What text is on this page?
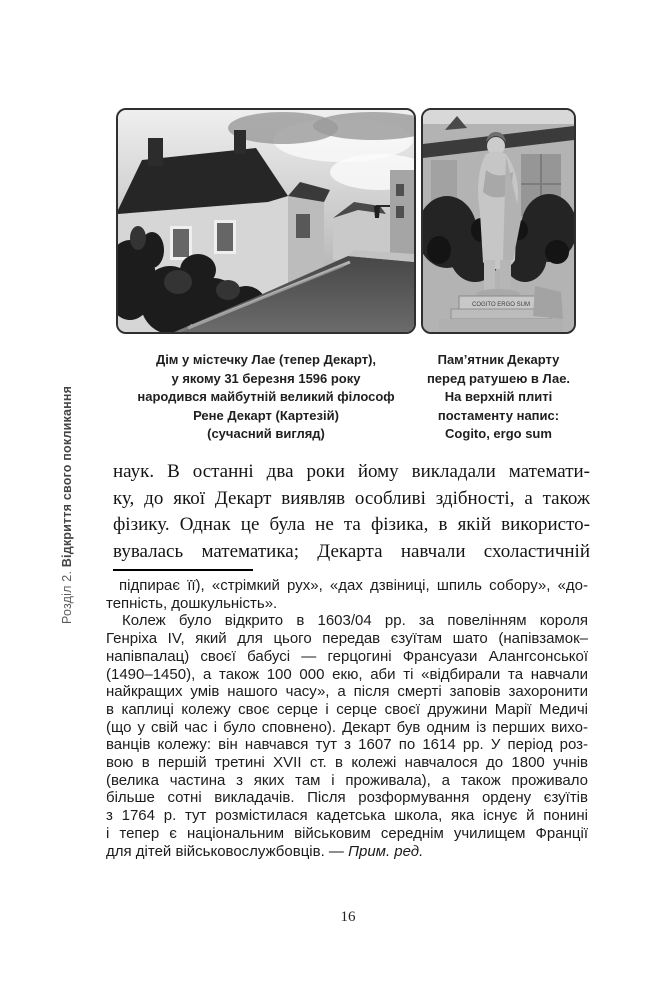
Розділ 2. Відкриття свого покликання
COGITO ERGO SUM
Дім у містечку Лае (тепер Декарт),
у якому 31 березня 1596 року
народився майбутній великий філософ
Рене Декарт (Картезій)
(сучасний вигляд)
Пам’ятник Декарту
перед ратушею в Лае.
На верхній плиті
постаменту напис:
Cogito, ergo sum
наук. В останні два роки йому викладали математи-
ку, до якої Декарт виявляв особливі здібності, а також
фізику. Однак це була не та фізика, в якій використо-
вувалась математика; Декарта навчали схоластичній
підпирає її), «стрімкий рух», «дах дзвіниці, шпиль собору», «до-
тепність, дошкульність».
Колеж було відкрито в 1603/04 рр. за повелінням короля
Генріха IV, який для цього передав єзуїтам шато (напівзамок–
напівпалац) своєї бабусі — герцогині Франсуази Алангсонської
(1490–1450), а також 100 000 екю, аби ті «відбирали та навчали
найкращих умів нашого часу», а після смерті заповів захоронити
в каплиці колежу своє серце і серце своєї дружини Марії Медичі
(що у свій час і було сповнено). Декарт був одним із перших вихо-
ванців колежу: він навчався тут з 1607 по 1614 рр. У період роз-
вою в першій третині XVII ст. в колежі навчалося до 1800 учнів
(велика частина з яких там і проживала), а також проживало
більше сотні викладачів. Після розформування ордену єзуїтів
з 1764 р. тут розмістилася кадетська школа, яка існує й понині
і тепер є національним військовим середнім училищем Франції
для дітей військовослужбовців. — Прим. ред.
16
